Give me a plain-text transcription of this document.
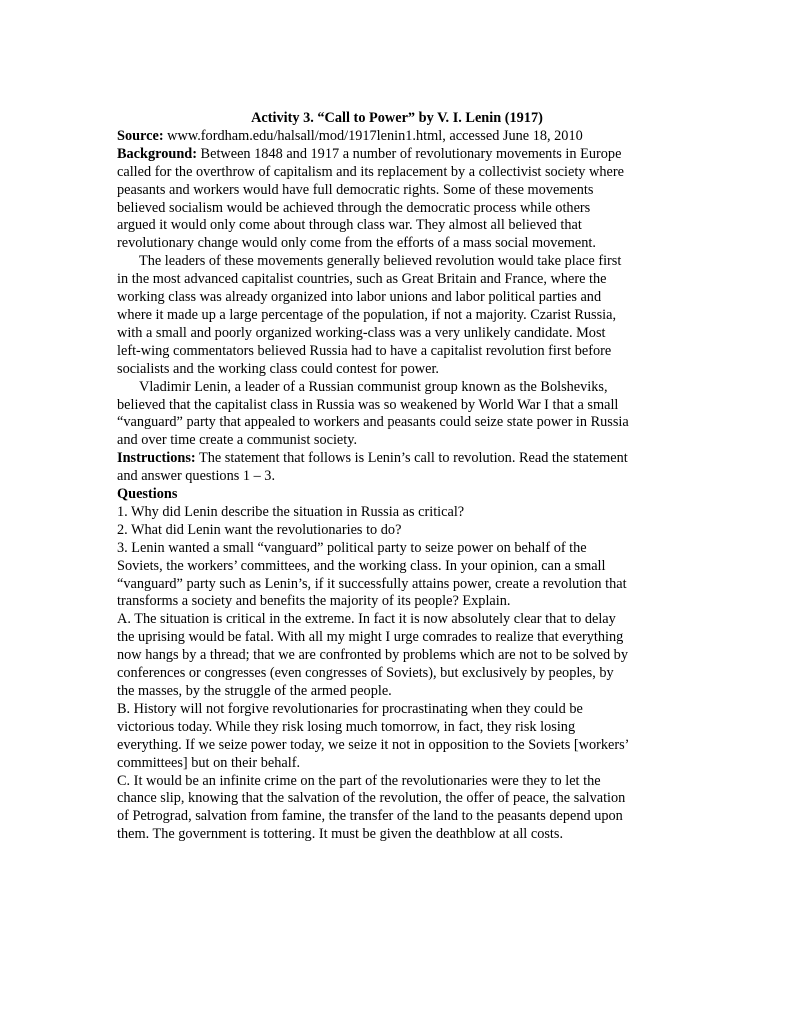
Activity 3. “Call to Power” by V. I. Lenin (1917)
Source: www.fordham.edu/halsall/mod/1917lenin1.html, accessed June 18, 2010
Background: Between 1848 and 1917 a number of revolutionary movements in Europe
called for the overthrow of capitalism and its replacement by a collectivist society where
peasants and workers would have full democratic rights. Some of these movements
believed socialism would be achieved through the democratic process while others
argued it would only come about through class war. They almost all believed that
revolutionary change would only come from the efforts of a mass social movement.
The leaders of these movements generally believed revolution would take place first
in the most advanced capitalist countries, such as Great Britain and France, where the
working class was already organized into labor unions and labor political parties and
where it made up a large percentage of the population, if not a majority. Czarist Russia,
with a small and poorly organized working-class was a very unlikely candidate. Most
left-wing commentators believed Russia had to have a capitalist revolution first before
socialists and the working class could contest for power.
Vladimir Lenin, a leader of a Russian communist group known as the Bolsheviks,
believed that the capitalist class in Russia was so weakened by World War I that a small
“vanguard” party that appealed to workers and peasants could seize state power in Russia
and over time create a communist society.
Instructions: The statement that follows is Lenin’s call to revolution. Read the statement
and answer questions 1 – 3.
Questions
1. Why did Lenin describe the situation in Russia as critical?
2. What did Lenin want the revolutionaries to do?
3. Lenin wanted a small “vanguard” political party to seize power on behalf of the
Soviets, the workers’ committees, and the working class. In your opinion, can a small
“vanguard” party such as Lenin’s, if it successfully attains power, create a revolution that
transforms a society and benefits the majority of its people? Explain.
A. The situation is critical in the extreme. In fact it is now absolutely clear that to delay
the uprising would be fatal. With all my might I urge comrades to realize that everything
now hangs by a thread; that we are confronted by problems which are not to be solved by
conferences or congresses (even congresses of Soviets), but exclusively by peoples, by
the masses, by the struggle of the armed people.
B. History will not forgive revolutionaries for procrastinating when they could be
victorious today. While they risk losing much tomorrow, in fact, they risk losing
everything. If we seize power today, we seize it not in opposition to the Soviets [workers’
committees] but on their behalf.
C. It would be an infinite crime on the part of the revolutionaries were they to let the
chance slip, knowing that the salvation of the revolution, the offer of peace, the salvation
of Petrograd, salvation from famine, the transfer of the land to the peasants depend upon
them. The government is tottering. It must be given the deathblow at all costs.
